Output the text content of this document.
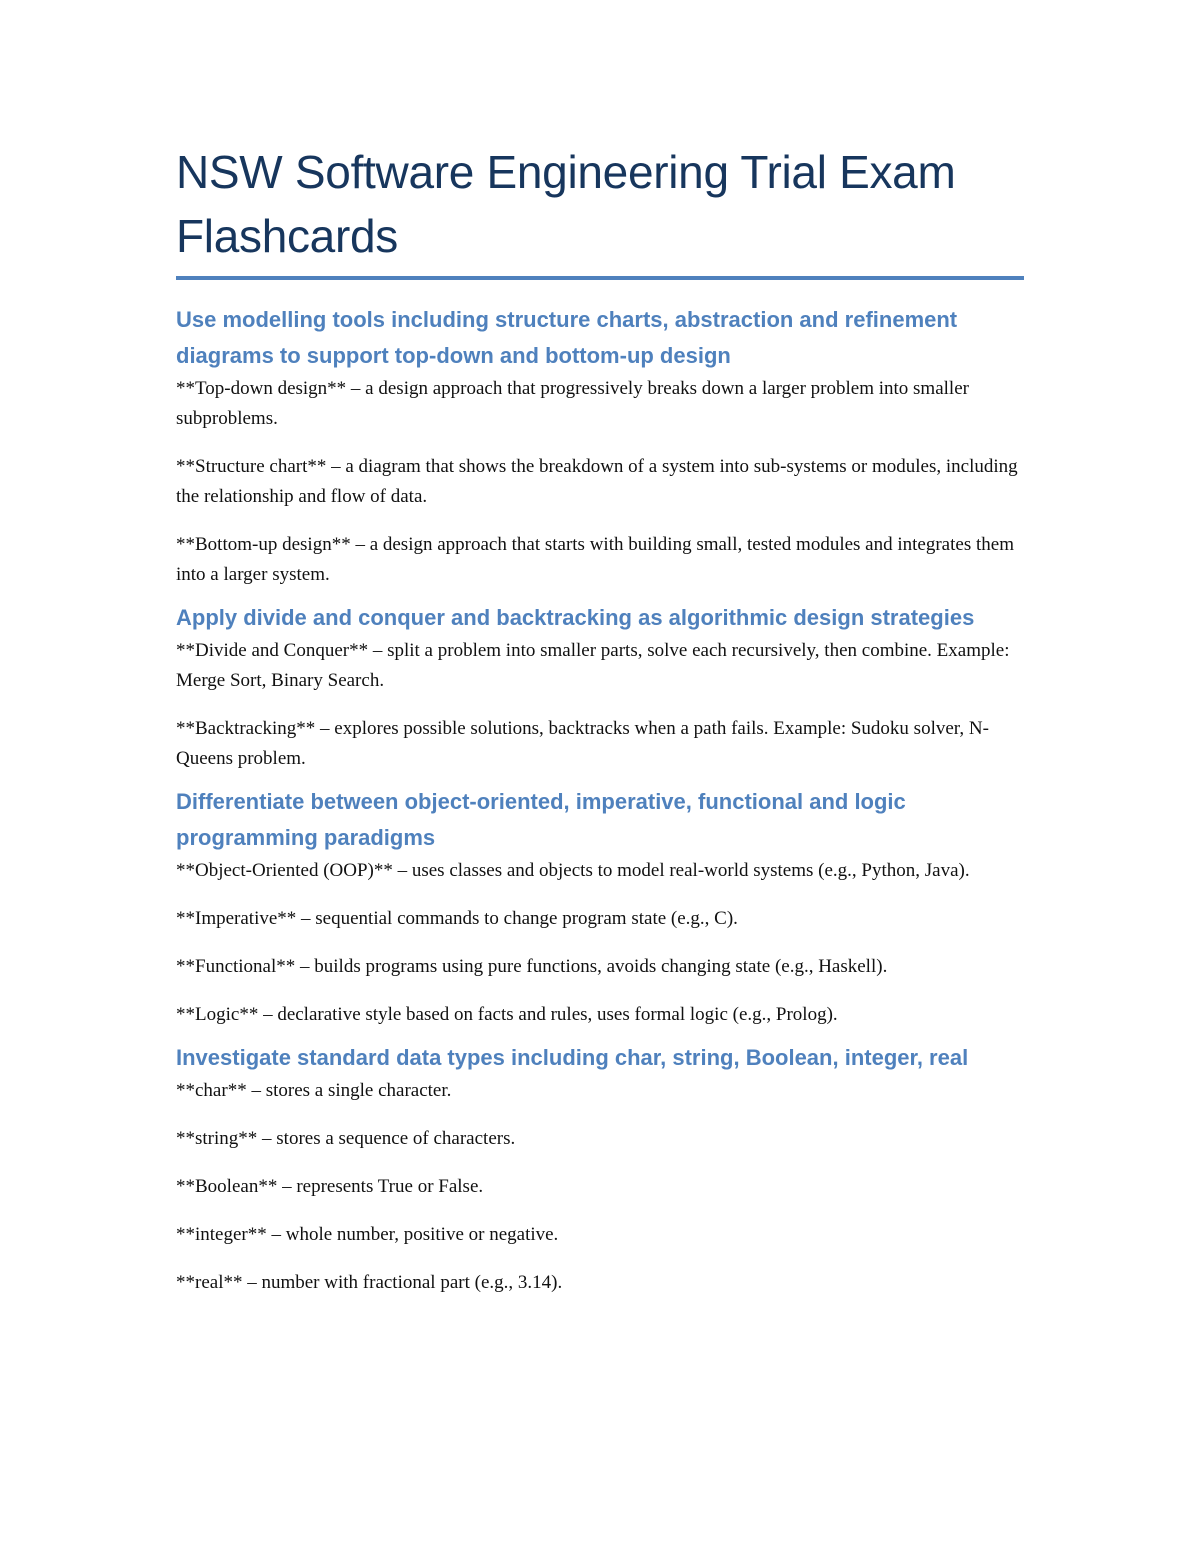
NSW Software Engineering Trial Exam Flashcards
Use modelling tools including structure charts, abstraction and refinement diagrams to support top-down and bottom-up design

**Top-down design** – a design approach that progressively breaks down a larger problem into smaller subproblems.

**Structure chart** – a diagram that shows the breakdown of a system into sub-systems or modules, including the relationship and flow of data.

**Bottom-up design** – a design approach that starts with building small, tested modules and integrates them into a larger system.

Apply divide and conquer and backtracking as algorithmic design strategies

**Divide and Conquer** – split a problem into smaller parts, solve each recursively, then combine. Example: Merge Sort, Binary Search.

**Backtracking** – explores possible solutions, backtracks when a path fails. Example: Sudoku solver, N-Queens problem.

Differentiate between object-oriented, imperative, functional and logic programming paradigms

**Object-Oriented (OOP)** – uses classes and objects to model real-world systems (e.g., Python, Java).

**Imperative** – sequential commands to change program state (e.g., C).

**Functional** – builds programs using pure functions, avoids changing state (e.g., Haskell).

**Logic** – declarative style based on facts and rules, uses formal logic (e.g., Prolog).

Investigate standard data types including char, string, Boolean, integer, real

**char** – stores a single character.

**string** – stores a sequence of characters.

**Boolean** – represents True or False.

**integer** – whole number, positive or negative.

**real** – number with fractional part (e.g., 3.14).
